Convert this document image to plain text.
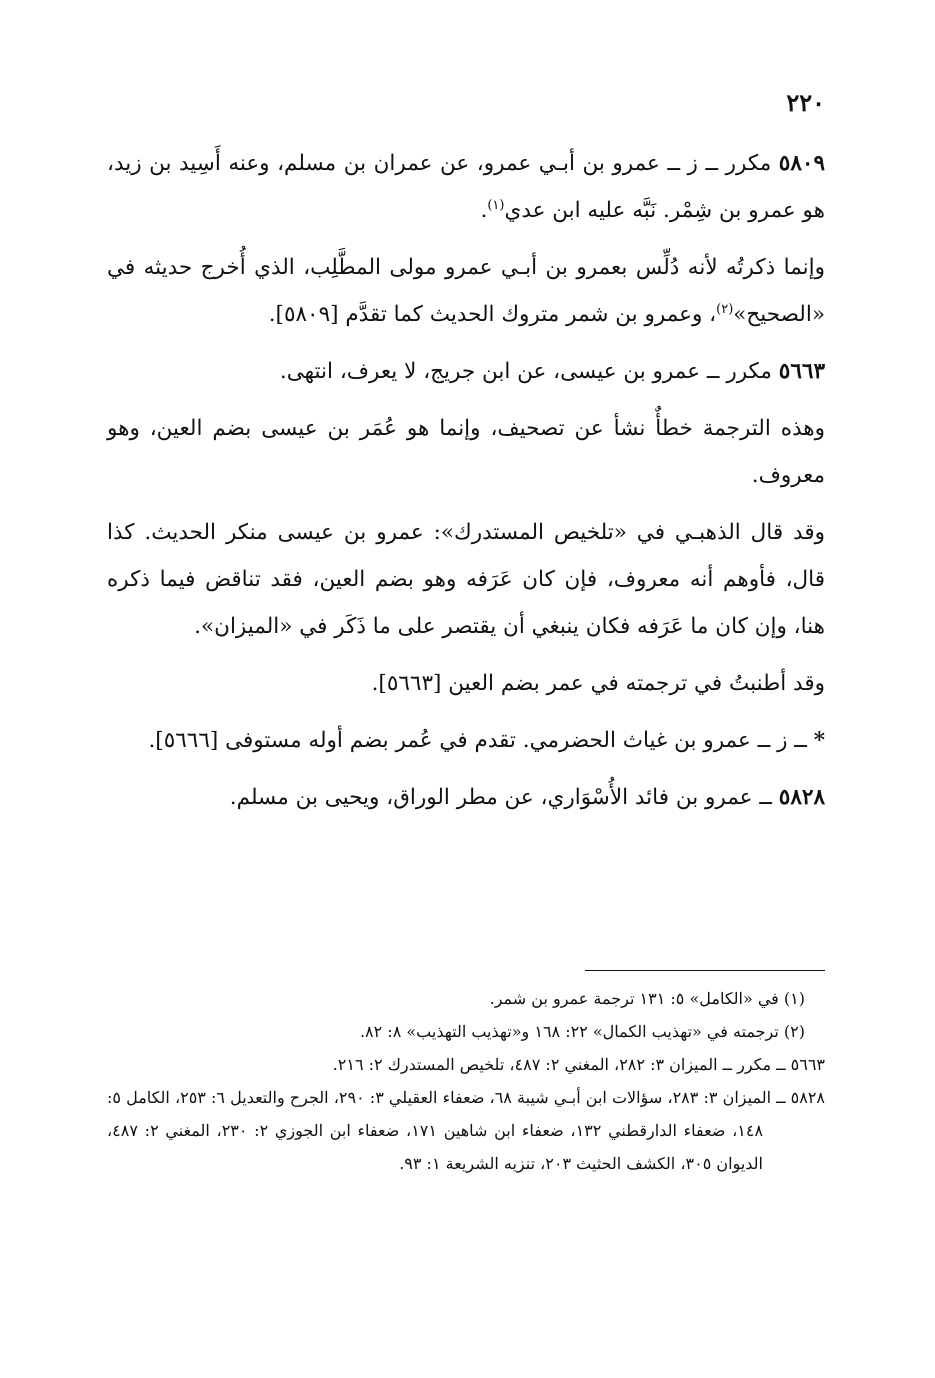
٢٢٠

٥٨٠٩ مكرر ــ ز ــ عمرو بن أبـي عمرو، عن عمران بن مسلم، وعنه أَسِيد بن زيد، هو عمرو بن شِمْر. نَبَّه عليه ابن عدي$^{(١)}$.

وإنما ذكرتُه لأنه دُلِّس بعمرو بن أبـي عمرو مولى المطَّلِب، الذي أُخرج حديثه في «الصحيح»$^{(٢)}$، وعمرو بن شمر متروك الحديث كما تقدَّم [٥٨٠٩].

٥٦٦٣ مكرر ــ عمرو بن عيسى، عن ابن جريج، لا يعرف، انتهى.

وهذه الترجمة خطأٌ نشأ عن تصحيف، وإنما هو عُمَر بن عيسى بضم العين، وهو معروف.

وقد قال الذهبـي في «تلخيص المستدرك»: عمرو بن عيسى منكر الحديث. كذا قال، فأوهم أنه معروف، فإن كان عَرَفه وهو بضم العين، فقد تناقض فيما ذكره هنا، وإن كان ما عَرَفه فكان ينبغي أن يقتصر على ما ذَكَر في «الميزان».

وقد أطنبتُ في ترجمته في عمر بضم العين [٥٦٦٣].

* ــ ز ــ عمرو بن غياث الحضرمي. تقدم في عُمر بضم أوله مستوفى [٥٦٦٦].

٥٨٢٨ ــ عمرو بن فائد الأُسْوَاري، عن مطر الوراق، ويحيى بن مسلم.

(١) في «الكامل» ٥: ١٣١ ترجمة عمرو بن شمر.

(٢) ترجمته في «تهذيب الكمال» ٢٢: ١٦٨ و«تهذيب التهذيب» ٨: ٨٢.

٥٦٦٣ ــ مكرر ــ الميزان ٣: ٢٨٢، المغني ٢: ٤٨٧، تلخيص المستدرك ٢: ٢١٦.

٥٨٢٨ ــ الميزان ٣: ٢٨٣، سؤالات ابن أبـي شيبة ٦٨، ضعفاء العقيلي ٣: ٢٩٠، الجرح والتعديل ٦: ٢٥٣، الكامل ٥: ١٤٨، ضعفاء الدارقطني ١٣٢، ضعفاء ابن شاهين ١٧١، ضعفاء ابن الجوزي ٢: ٢٣٠، المغني ٢: ٤٨٧، الديوان ٣٠٥، الكشف الحثيث ٢٠٣، تنزيه الشريعة ١: ٩٣.
